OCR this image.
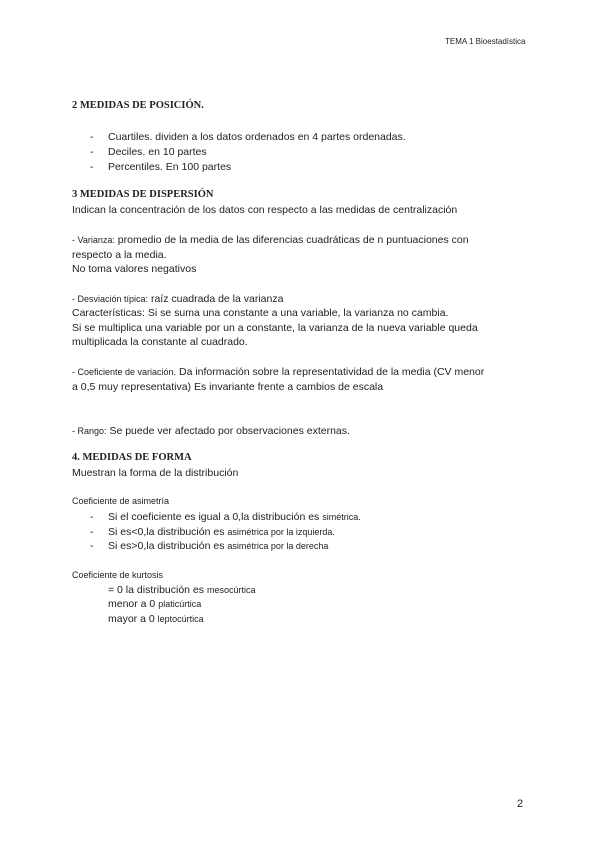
TEMA 1 Bioestadística
2 MEDIDAS DE POSICIÓN.
- Cuartiles. dividen a los datos ordenados en 4 partes ordenadas.
- Deciles. en 10 partes
- Percentiles. En 100 partes
3 MEDIDAS DE DISPERSIÓN
Indican la concentración de los datos con respecto a las medidas de centralización
- Varianza: promedio de la media de las diferencias cuadráticas de n puntuaciones con
respecto a la media.
No toma valores negativos
- Desviación típica: raíz cuadrada de la varianza
Características: Si se suma una constante a una variable, la varianza no cambia.
Si se multiplica una variable por un a constante, la varianza de la nueva variable queda
multiplicada la constante al cuadrado.
- Coeficiente de variación. Da información sobre la representatividad de la media (CV menor
a 0,5 muy representativa) Es invariante frente a cambios de escala
- Rango: Se puede ver afectado por observaciones externas.
4. MEDIDAS DE FORMA
Muestran la forma de la distribución
Coeficiente de asimetría
- Si el coeficiente es igual a 0,la distribución es simétrica.
- Si es<0,la distribución es asimétrica por la izquierda.
- Si es>0,la distribución es asimétrica por la derecha
Coeficiente de kurtosis
= 0 la distribución es mesocúrtica
menor a 0 platicúrtica
mayor a 0 leptocúrtica
2
